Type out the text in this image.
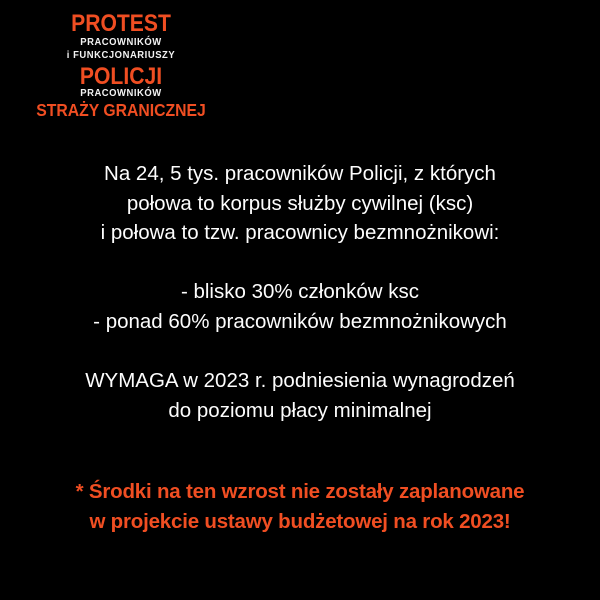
PROTEST
PRACOWNIKÓW
i FUNKCJONARIUSZY
POLICJI
PRACOWNIKÓW
STRAŻY GRANICZNEJ
Na 24, 5 tys. pracowników Policji, z których
połowa to korpus służby cywilnej (ksc)
i połowa to tzw. pracownicy bezmnożnikowi:
- blisko 30% członków ksc
- ponad 60% pracowników bezmnożnikowych
WYMAGA w 2023 r. podniesienia wynagrodzeń
do poziomu płacy minimalnej
* Środki na ten wzrost nie zostały zaplanowane
w projekcie ustawy budżetowej na rok 2023!
